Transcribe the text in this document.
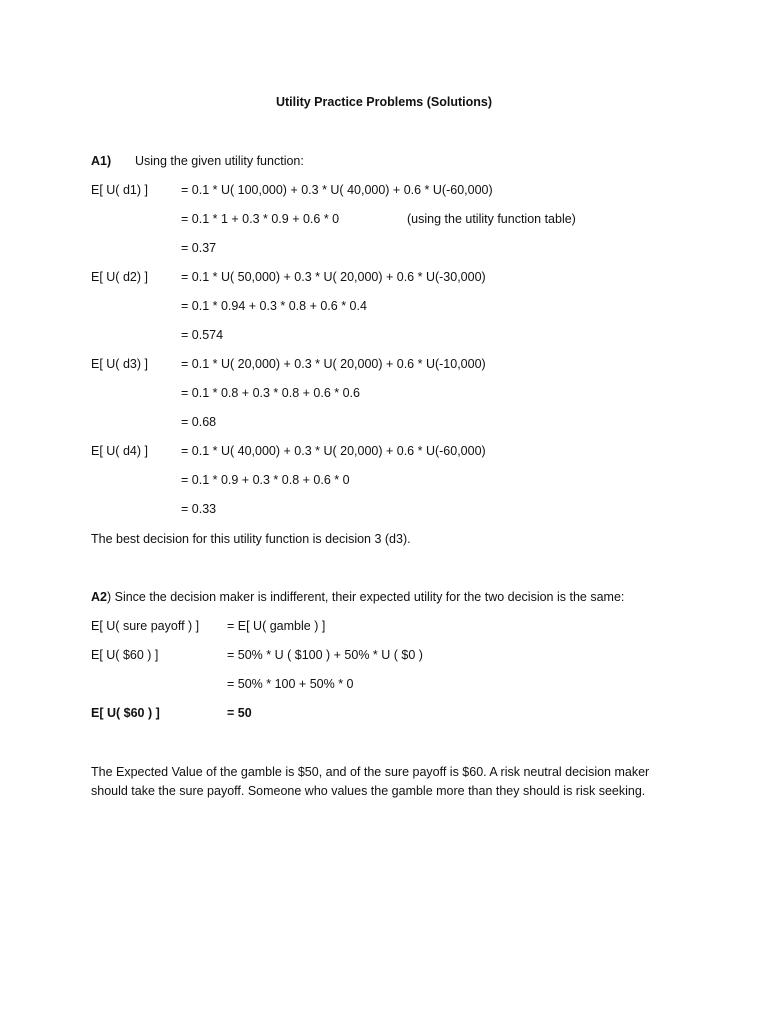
Utility Practice Problems (Solutions)
A1) Using the given utility function:
E[ U( d1) ]	= 0.1 * U( 100,000) + 0.3 * U( 40,000) + 0.6 * U(-60,000)
= 0.1 * 1 + 0.3 * 0.9 + 0.6 * 0	(using the utility function table)
= 0.37
E[ U( d2) ]	= 0.1 * U( 50,000) + 0.3 * U( 20,000) + 0.6 * U(-30,000)
= 0.1 * 0.94 + 0.3 * 0.8 + 0.6 * 0.4
= 0.574
E[ U( d3) ]	= 0.1 * U( 20,000) + 0.3 * U( 20,000) + 0.6 * U(-10,000)
= 0.1 * 0.8 + 0.3 * 0.8 + 0.6 * 0.6
= 0.68
E[ U( d4) ]	= 0.1 * U( 40,000) + 0.3 * U( 20,000) + 0.6 * U(-60,000)
= 0.1 * 0.9 + 0.3 * 0.8 + 0.6 * 0
= 0.33
The best decision for this utility function is decision 3 (d3).
A2) Since the decision maker is indifferent, their expected utility for the two decision is the same:
E[ U( sure payoff ) ] = E[ U( gamble ) ]
E[ U( $60 ) ]	= 50% * U ( $100 ) + 50% * U ( $0 )
= 50% * 100 + 50% * 0
E[ U( $60 ) ]	= 50
The Expected Value of the gamble is $50, and of the sure payoff is $60. A risk neutral decision maker
should take the sure payoff. Someone who values the gamble more than they should is risk seeking.
